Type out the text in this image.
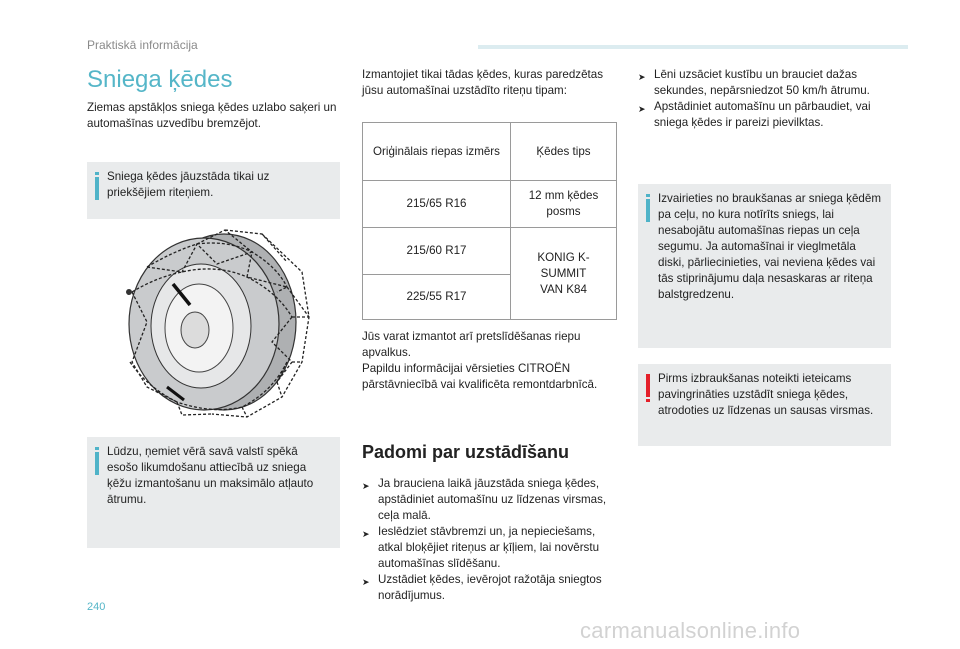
Praktiskā informācija
Sniega ķēdes

Ziemas apstākļos sniega ķēdes uzlabo saķeri un automašīnas uzvedību bremzējot.

Sniega ķēdes jāuzstāda tikai uz priekšējiem riteņiem.
Lūdzu, ņemiet vērā savā valstī spēkā esošo likumdošanu attiecībā uz sniega ķēžu izmantošanu un maksimālo atļauto ātrumu.

Izmantojiet tikai tādas ķēdes, kuras paredzētas jūsu automašīnai uzstādīto riteņu tipam:

Oriģinālais riepas izmērs	Ķēdes tips
215/65 R16	12 mm ķēdes posms
215/60 R17	KONIG K-SUMMIT VAN K84
225/55 R17	

Jūs varat izmantot arī pretslīdēšanas riepu apvalkus.

Papildu informācijai vērsieties CITROËN pārstāvniecībā vai kvalificēta remontdarbnīcā.

Padomi par uzstādīšanu
➤ Ja brauciena laikā jāuzstāda sniega ķēdes, apstādiniet automašīnu uz līdzenas virsmas, ceļa malā.
➤ Ieslēdziet stāvbremzi un, ja nepieciešams, atkal bloķējiet riteņus ar ķīļiem, lai novērstu automašīnas slīdēšanu.
➤ Uzstādiet ķēdes, ievērojot ražotāja sniegtos norādījumus.
➤ Lēni uzsāciet kustību un brauciet dažas sekundes, nepārsniedzot 50 km/h ātrumu.
➤ Apstādiniet automašīnu un pārbaudiet, vai sniega ķēdes ir pareizi pievilktas.
Izvairieties no braukšanas ar sniega ķēdēm pa ceļu, no kura notīrīts sniegs, lai nesabojātu automašīnas riepas un ceļa segumu. Ja automašīnai ir vieglmetāla diski, pārliecinieties, vai neviena ķēdes vai tās stiprinājumu daļa nesaskaras ar riteņa balstgredzenu.
Pirms izbraukšanas noteikti ieteicams pavingrināties uzstādīt sniega ķēdes, atrodoties uz līdzenas un sausas virsmas.
240
carmanualsonline.info
